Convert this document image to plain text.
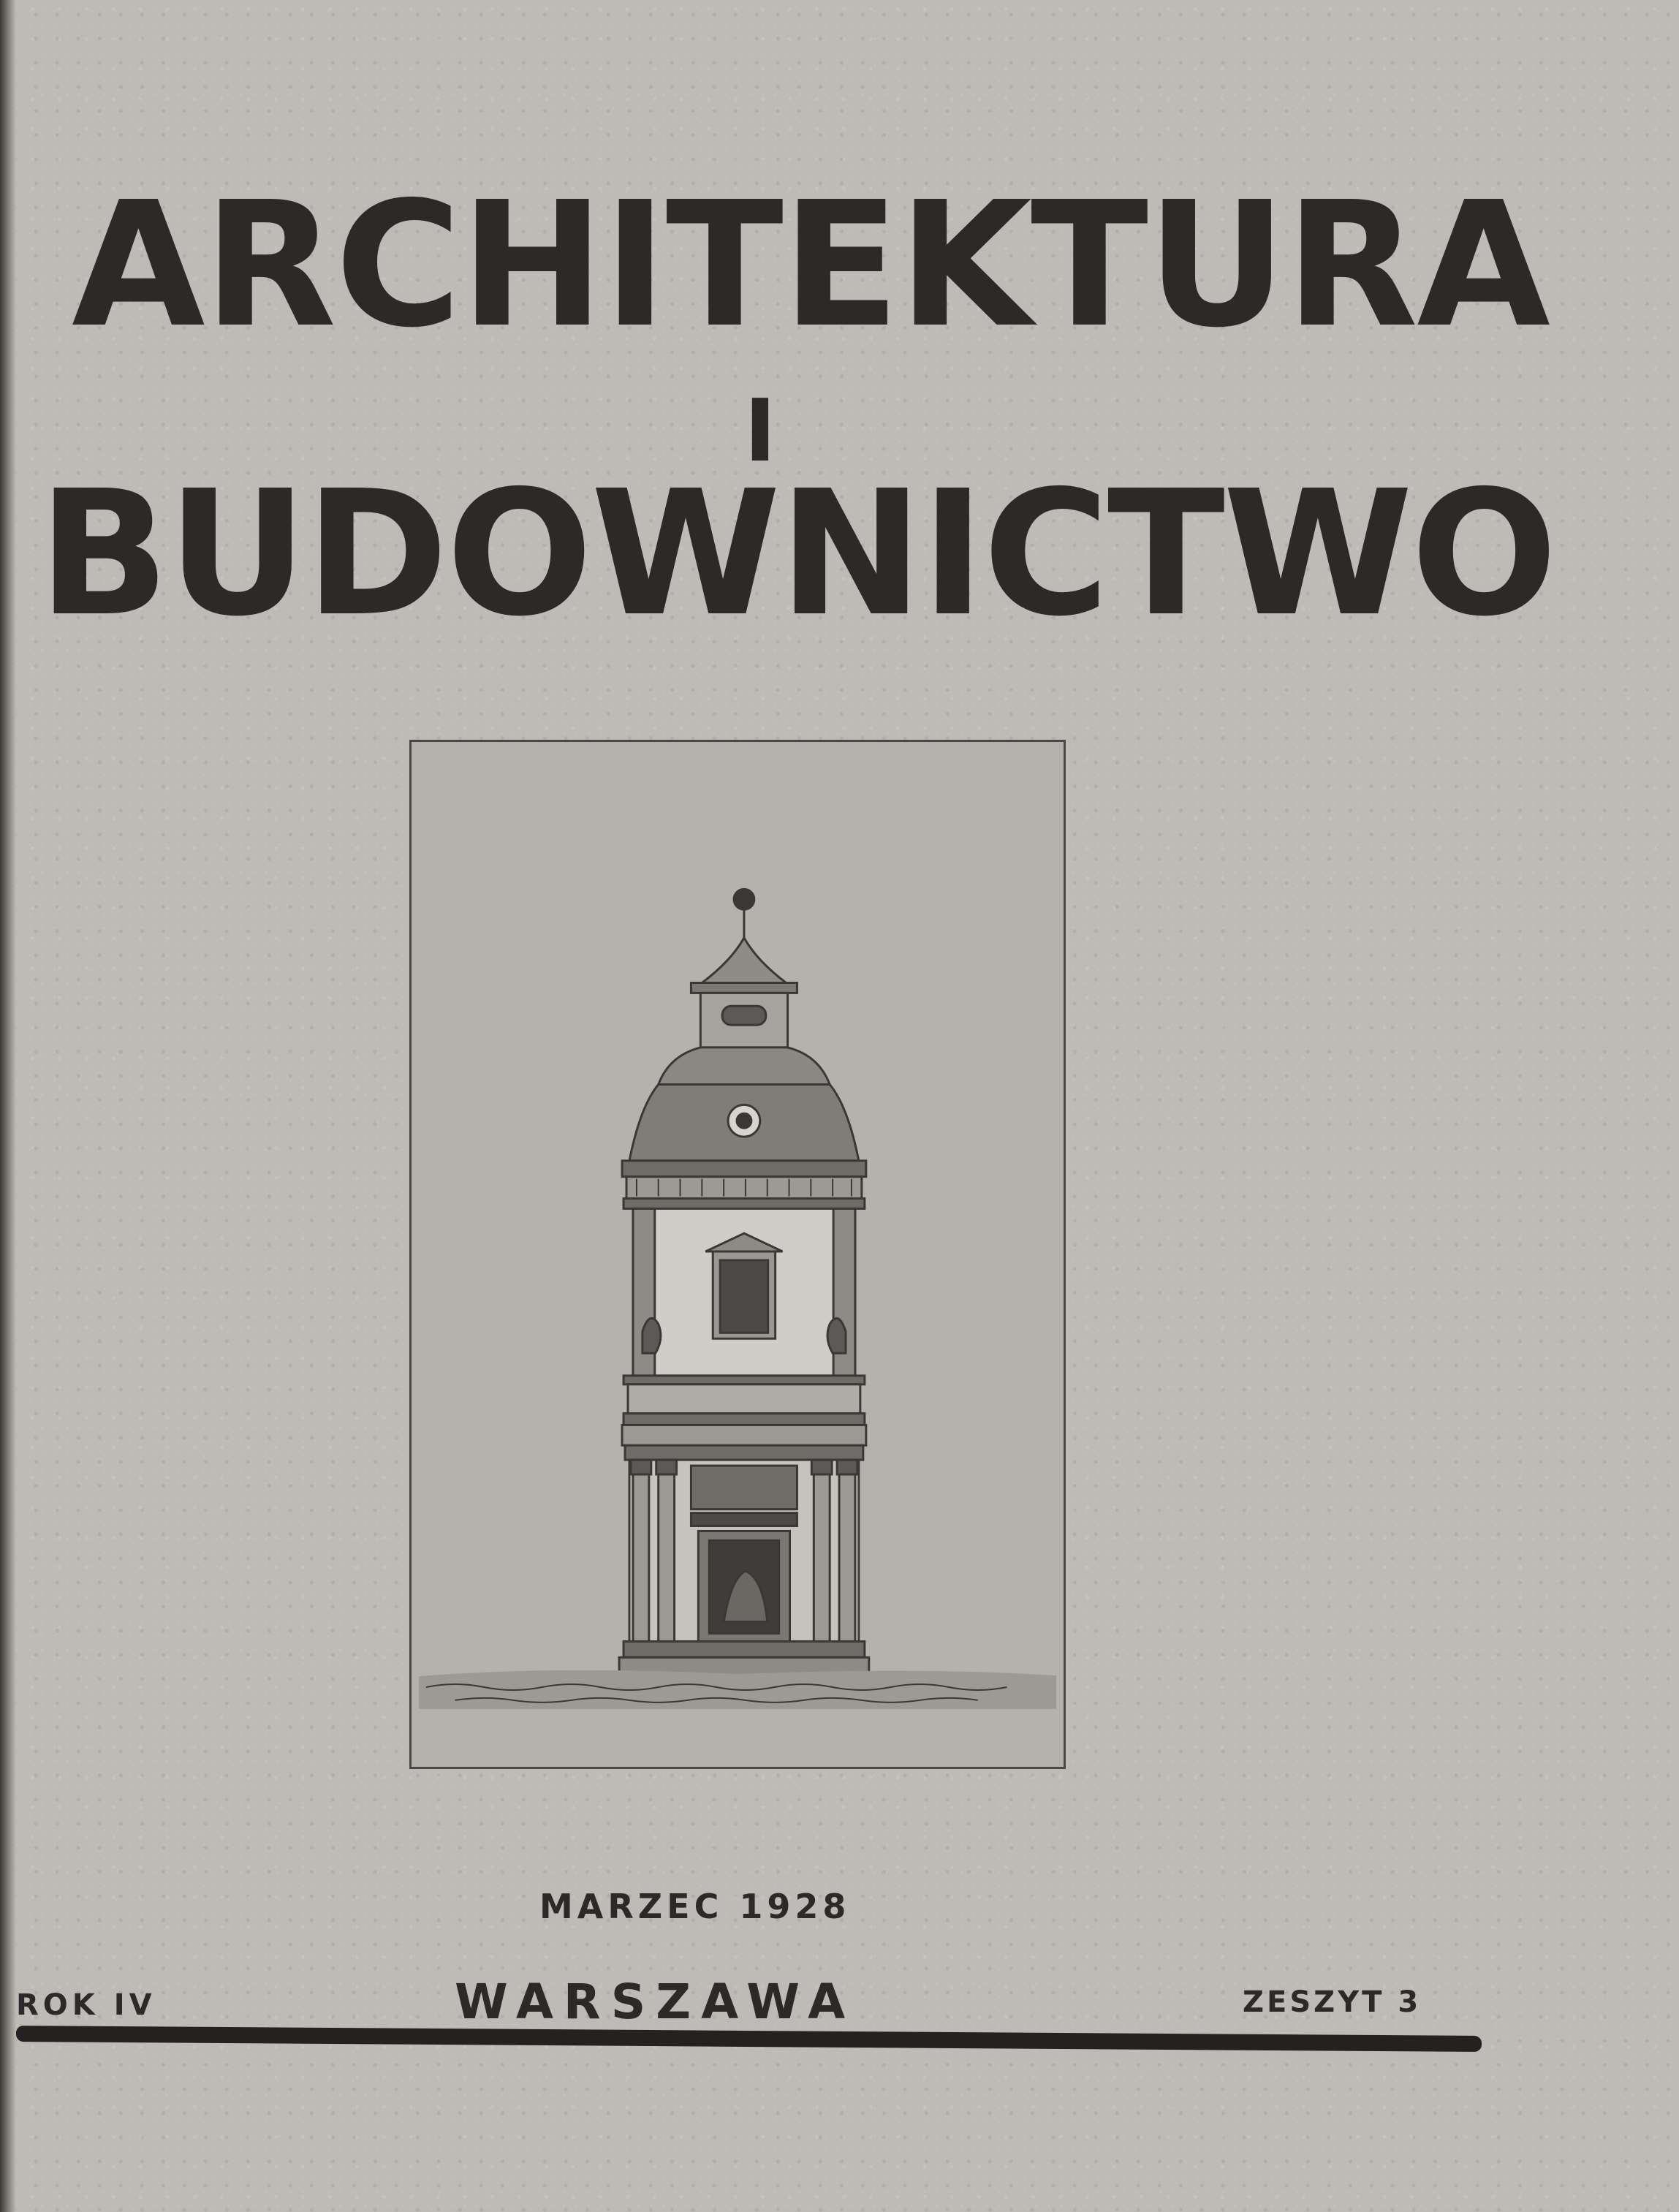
ARCHITEKTURA
I
BUDOWNICTWO

MARZEC 1928

ROK IV	WARSZAWA	ZESZYT 3
